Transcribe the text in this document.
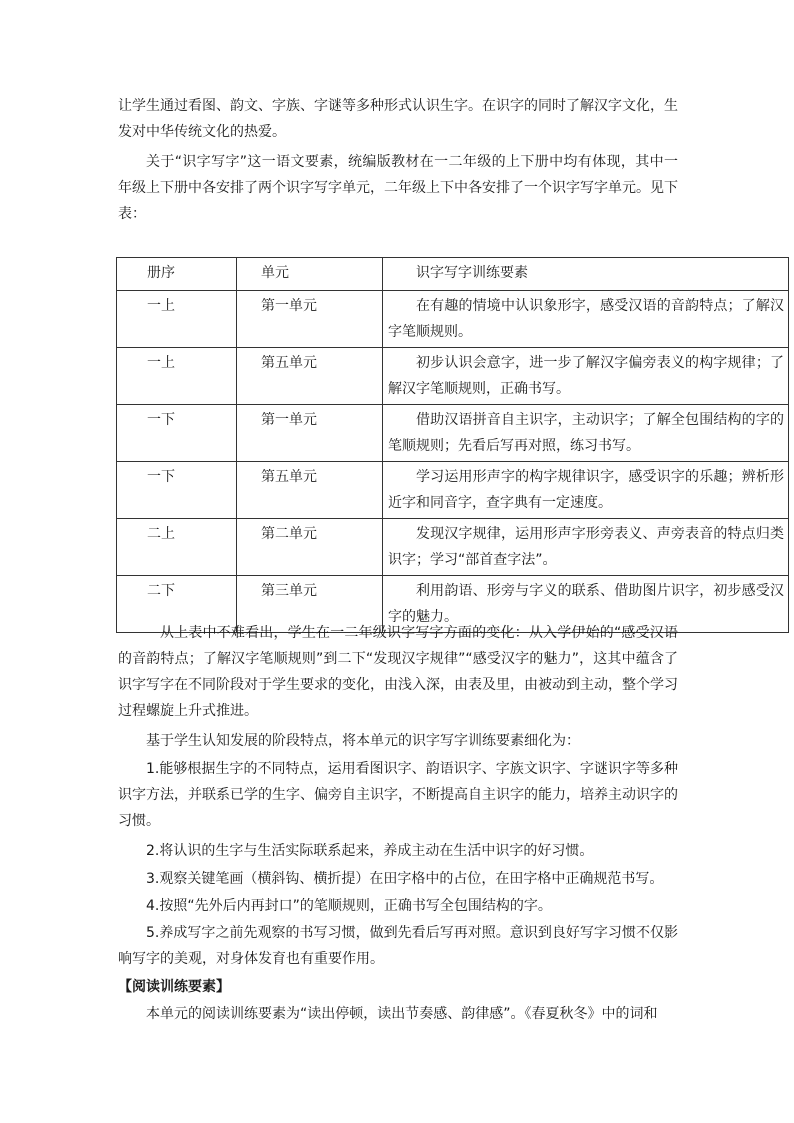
让学生通过看图、韵文、字族、字谜等多种形式认识生字。在识字的同时了解汉字文化，生
发对中华传统文化的热爱。

关于“识字写字”这一语文要素，统编版教材在一二年级的上下册中均有体现，其中一年级上下册中各安排了两个识字写字单元，二年级上下中各安排了一个识字写字单元。见下表：

册序	单元	识字写字训练要素
一上	第一单元	在有趣的情境中认识象形字，感受汉语的音韵特点；了解汉字笔顺规则。
一上	第五单元	初步认识会意字，进一步了解汉字偏旁表义的构字规律；了解汉字笔顺规则，正确书写。
一下	第一单元	借助汉语拼音自主识字，主动识字；了解全包围结构的字的笔顺规则；先看后写再对照，练习书写。
一下	第五单元	学习运用形声字的构字规律识字，感受识字的乐趣；辨析形近字和同音字，查字典有一定速度。
二上	第二单元	发现汉字规律，运用形声字形旁表义、声旁表音的特点归类识字；学习“部首查字法”。
二下	第三单元	利用韵语、形旁与字义的联系、借助图片识字，初步感受汉字的魅力。

从上表中不难看出，学生在一二年级识字写字方面的变化：从入学伊始的“感受汉语的音韵特点；了解汉字笔顺规则”到二下“发现汉字规律”“感受汉字的魅力”，这其中蕴含了识字写字在不同阶段对于学生要求的变化，由浅入深，由表及里，由被动到主动，整个学习过程螺旋上升式推进。

基于学生认知发展的阶段特点，将本单元的识字写字训练要素细化为：

1.能够根据生字的不同特点，运用看图识字、韵语识字、字族文识字、字谜识字等多种识字方法，并联系已学的生字、偏旁自主识字，不断提高自主识字的能力，培养主动识字的习惯。

2.将认识的生字与生活实际联系起来，养成主动在生活中识字的好习惯。

3.观察关键笔画（横斜钩、横折提）在田字格中的占位，在田字格中正确规范书写。

4.按照“先外后内再封口”的笔顺规则，正确书写全包围结构的字。

5.养成写字之前先观察的书写习惯，做到先看后写再对照。意识到良好写字习惯不仅影响写字的美观，对身体发育也有重要作用。

【阅读训练要素】

本单元的阅读训练要素为“读出停顿，读出节奏感、韵律感”。《春夏秋冬》中的词和
